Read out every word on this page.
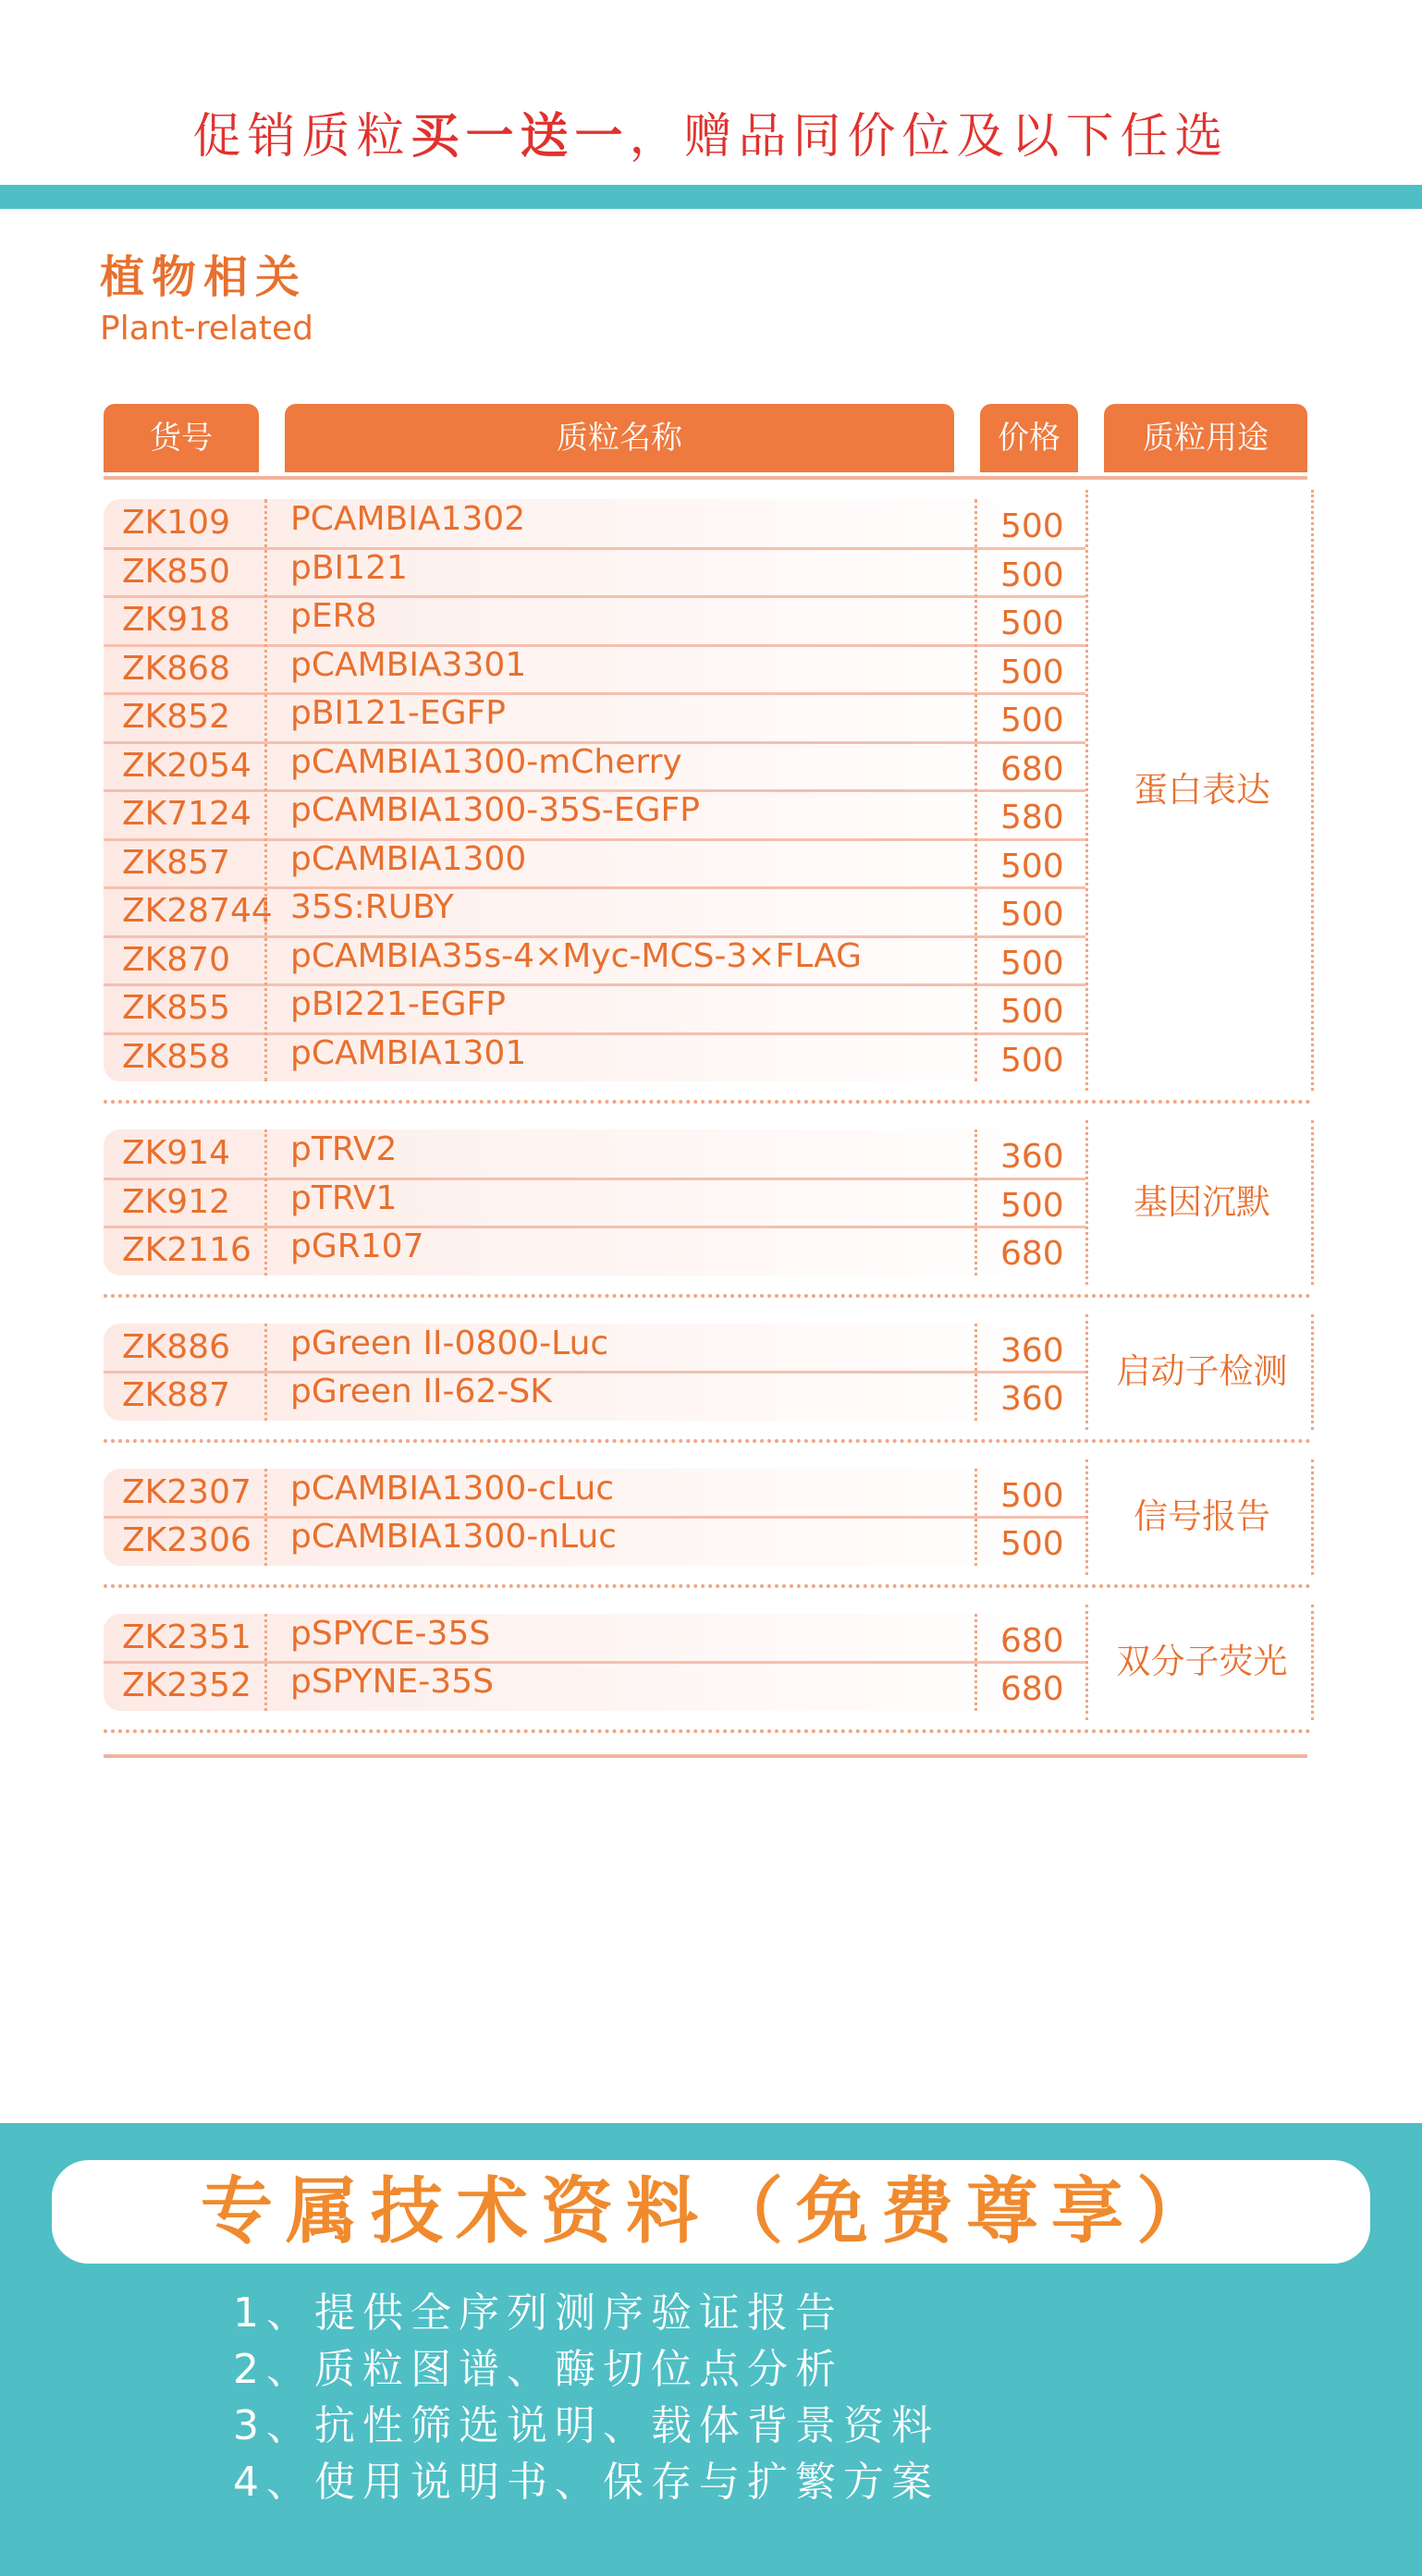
促销质粒买一送一，赠品同价位及以下任选
植物相关
Plant-related
货号	质粒名称	价格	质粒用途
ZK109 PCAMBIA1302	500
ZK850 pBI121	500
ZK918 pER8	500
ZK868 pCAMBIA3301	500
ZK852 pBI121-EGFP	500
ZK2054 pCAMBIA1300-mCherry	680
ZK7124 pCAMBIA1300-35S-EGFP	580
ZK857 pCAMBIA1300	500
ZK28744 35S:RUBY	500
ZK870 pCAMBIA35s-4×Myc-MCS-3×FLAG	500
ZK855 pBI221-EGFP	500
ZK858 pCAMBIA1301	500
蛋白表达
ZK914 pTRV2	360
ZK912 pTRV1	500
ZK2116 pGR107	680
基因沉默
ZK886 pGreen II-0800-Luc	360
ZK887 pGreen II-62-SK	360
启动子检测
ZK2307 pCAMBIA1300-cLuc	500
ZK2306 pCAMBIA1300-nLuc	500
信号报告
ZK2351 pSPYCE-35S	680
ZK2352 pSPYNE-35S	680
双分子荧光
专属技术资料（免费尊享）
1、提供全序列测序验证报告
2、质粒图谱、酶切位点分析
3、抗性筛选说明、载体背景资料
4、使用说明书、保存与扩繁方案
